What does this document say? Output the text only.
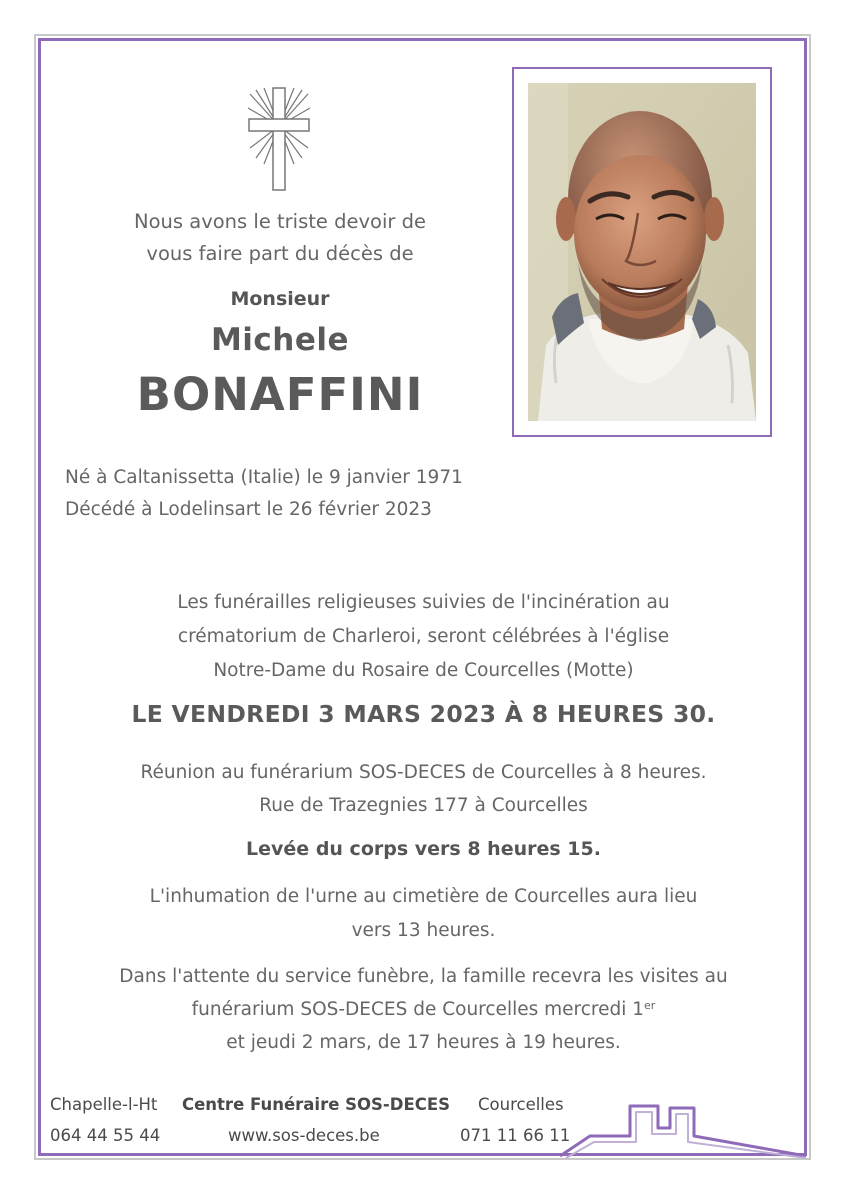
Nous avons le triste devoir de
vous faire part du décès de
Monsieur
Michele
BONAFFINI
Né à Caltanissetta (Italie) le 9 janvier 1971
Décédé à Lodelinsart le 26 février 2023
Les funérailles religieuses suivies de l'incinération au
crématorium de Charleroi, seront célébrées à l'église
Notre-Dame du Rosaire de Courcelles (Motte)
LE VENDREDI 3 MARS 2023 À 8 HEURES 30.
Réunion au funérarium SOS-DECES de Courcelles à 8 heures.
Rue de Trazegnies 177 à Courcelles
Levée du corps vers 8 heures 15.
L'inhumation de l'urne au cimetière de Courcelles aura lieu
vers 13 heures.
Dans l'attente du service funèbre, la famille recevra les visites au
funérarium SOS-DECES de Courcelles mercredi 1er
et jeudi 2 mars, de 17 heures à 19 heures.
Chapelle-l-Ht
064 44 55 44
Centre Funéraire SOS-DECES
www.sos-deces.be
Courcelles
071 11 66 11
